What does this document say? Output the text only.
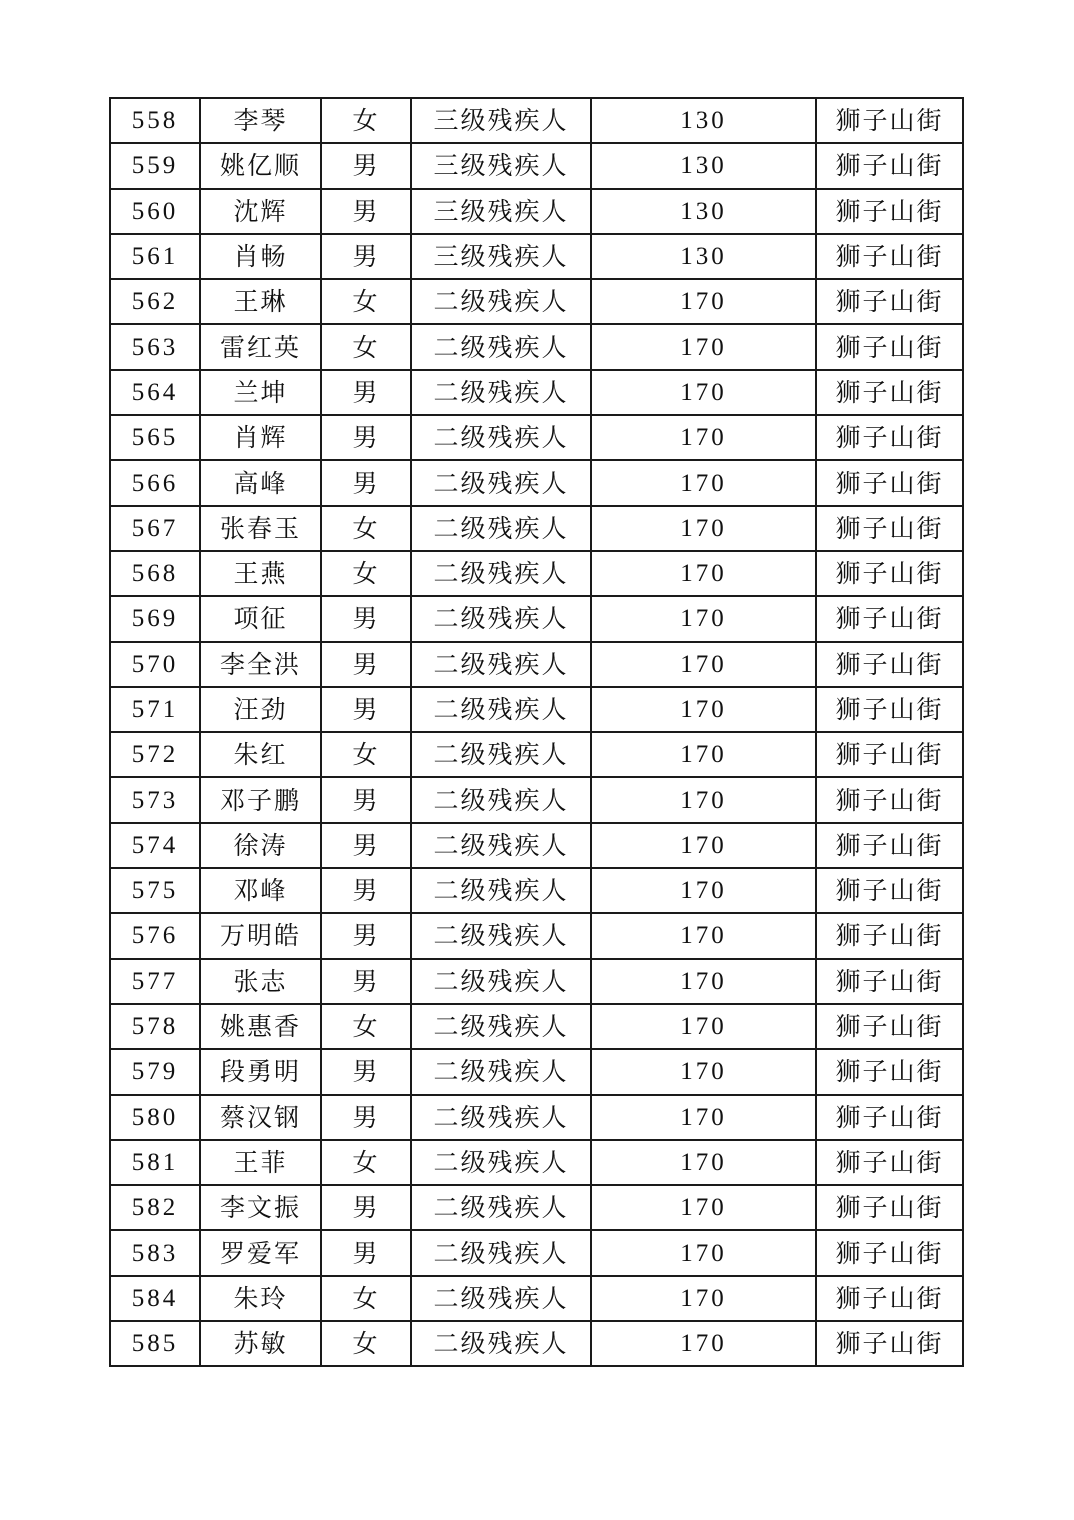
558	李琴	女	三级残疾人	130	狮子山街
559	姚亿顺	男	三级残疾人	130	狮子山街
560	沈辉	男	三级残疾人	130	狮子山街
561	肖畅	男	三级残疾人	130	狮子山街
562	王琳	女	二级残疾人	170	狮子山街
563	雷红英	女	二级残疾人	170	狮子山街
564	兰坤	男	二级残疾人	170	狮子山街
565	肖辉	男	二级残疾人	170	狮子山街
566	高峰	男	二级残疾人	170	狮子山街
567	张春玉	女	二级残疾人	170	狮子山街
568	王燕	女	二级残疾人	170	狮子山街
569	项征	男	二级残疾人	170	狮子山街
570	李全洪	男	二级残疾人	170	狮子山街
571	汪劲	男	二级残疾人	170	狮子山街
572	朱红	女	二级残疾人	170	狮子山街
573	邓子鹏	男	二级残疾人	170	狮子山街
574	徐涛	男	二级残疾人	170	狮子山街
575	邓峰	男	二级残疾人	170	狮子山街
576	万明皓	男	二级残疾人	170	狮子山街
577	张志	男	二级残疾人	170	狮子山街
578	姚惠香	女	二级残疾人	170	狮子山街
579	段勇明	男	二级残疾人	170	狮子山街
580	蔡汉钢	男	二级残疾人	170	狮子山街
581	王菲	女	二级残疾人	170	狮子山街
582	李文振	男	二级残疾人	170	狮子山街
583	罗爱军	男	二级残疾人	170	狮子山街
584	朱玲	女	二级残疾人	170	狮子山街
585	苏敏	女	二级残疾人	170	狮子山街
